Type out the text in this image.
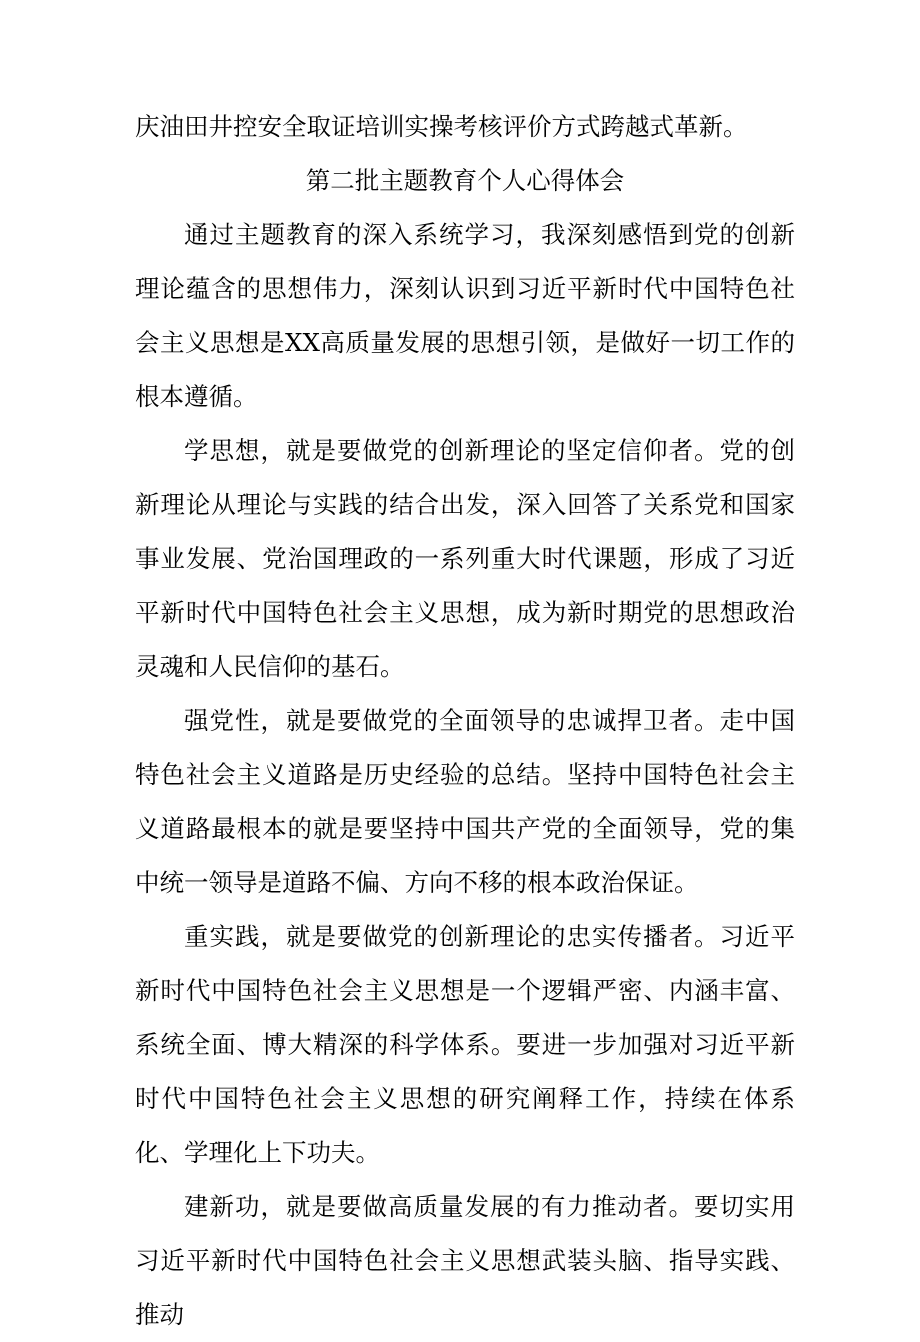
庆油田井控安全取证培训实操考核评价方式跨越式革新。

第二批主题教育个人心得体会

通过主题教育的深入系统学习，我深刻感悟到党的创新理论蕴含的思想伟力，深刻认识到习近平新时代中国特色社会主义思想是XX高质量发展的思想引领，是做好一切工作的根本遵循。

学思想，就是要做党的创新理论的坚定信仰者。党的创新理论从理论与实践的结合出发，深入回答了关系党和国家事业发展、党治国理政的一系列重大时代课题，形成了习近平新时代中国特色社会主义思想，成为新时期党的思想政治灵魂和人民信仰的基石。

强党性，就是要做党的全面领导的忠诚捍卫者。走中国特色社会主义道路是历史经验的总结。坚持中国特色社会主义道路最根本的就是要坚持中国共产党的全面领导，党的集中统一领导是道路不偏、方向不移的根本政治保证。

重实践，就是要做党的创新理论的忠实传播者。习近平新时代中国特色社会主义思想是一个逻辑严密、内涵丰富、系统全面、博大精深的科学体系。要进一步加强对习近平新时代中国特色社会主义思想的研究阐释工作，持续在体系化、学理化上下功夫。

建新功，就是要做高质量发展的有力推动者。要切实用习近平新时代中国特色社会主义思想武装头脑、指导实践、推动
